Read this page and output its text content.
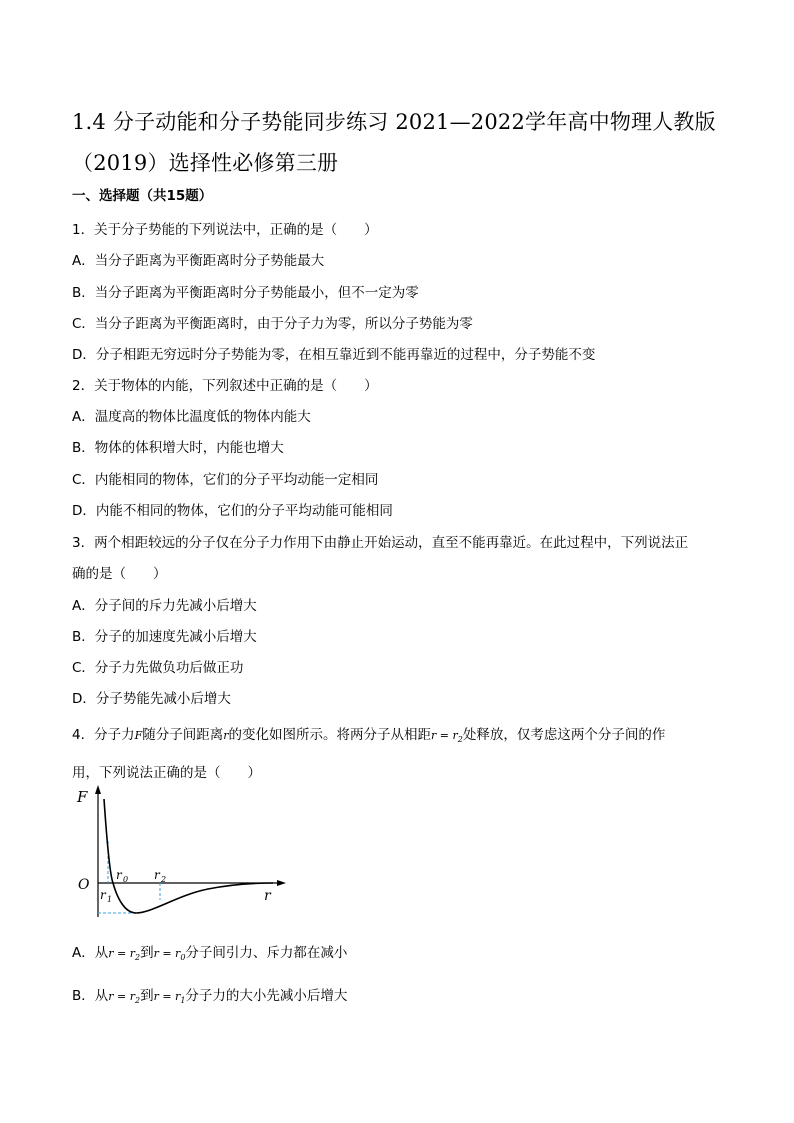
1.4 分子动能和分子势能同步练习 2021—2022学年高中物理人教版（2019）选择性必修第三册
一、选择题（共15题）
1．关于分子势能的下列说法中，正确的是（　　）
A．当分子距离为平衡距离时分子势能最大
B．当分子距离为平衡距离时分子势能最小，但不一定为零
C．当分子距离为平衡距离时，由于分子力为零，所以分子势能为零
D．分子相距无穷远时分子势能为零，在相互靠近到不能再靠近的过程中，分子势能不变
2．关于物体的内能，下列叙述中正确的是（　　）
A．温度高的物体比温度低的物体内能大
B．物体的体积增大时，内能也增大
C．内能相同的物体，它们的分子平均动能一定相同
D．内能不相同的物体，它们的分子平均动能可能相同
3．两个相距较远的分子仅在分子力作用下由静止开始运动，直至不能再靠近。在此过程中，下列说法正
确的是（　　）
A．分子间的斥力先减小后增大
B．分子的加速度先减小后增大
C．分子力先做负功后做正功
D．分子势能先减小后增大
4．分子力F随分子间距离r的变化如图所示。将两分子从相距$r = r_2$处释放，仅考虑这两个分子间的作
用，下列说法正确的是（　　）
F
O
r
r 0
r 1
r 2
A．从$r = r_2$到$r = r_0$分子间引力、斥力都在减小
B．从$r = r_2$到$r = r_1$分子力的大小先减小后增大
